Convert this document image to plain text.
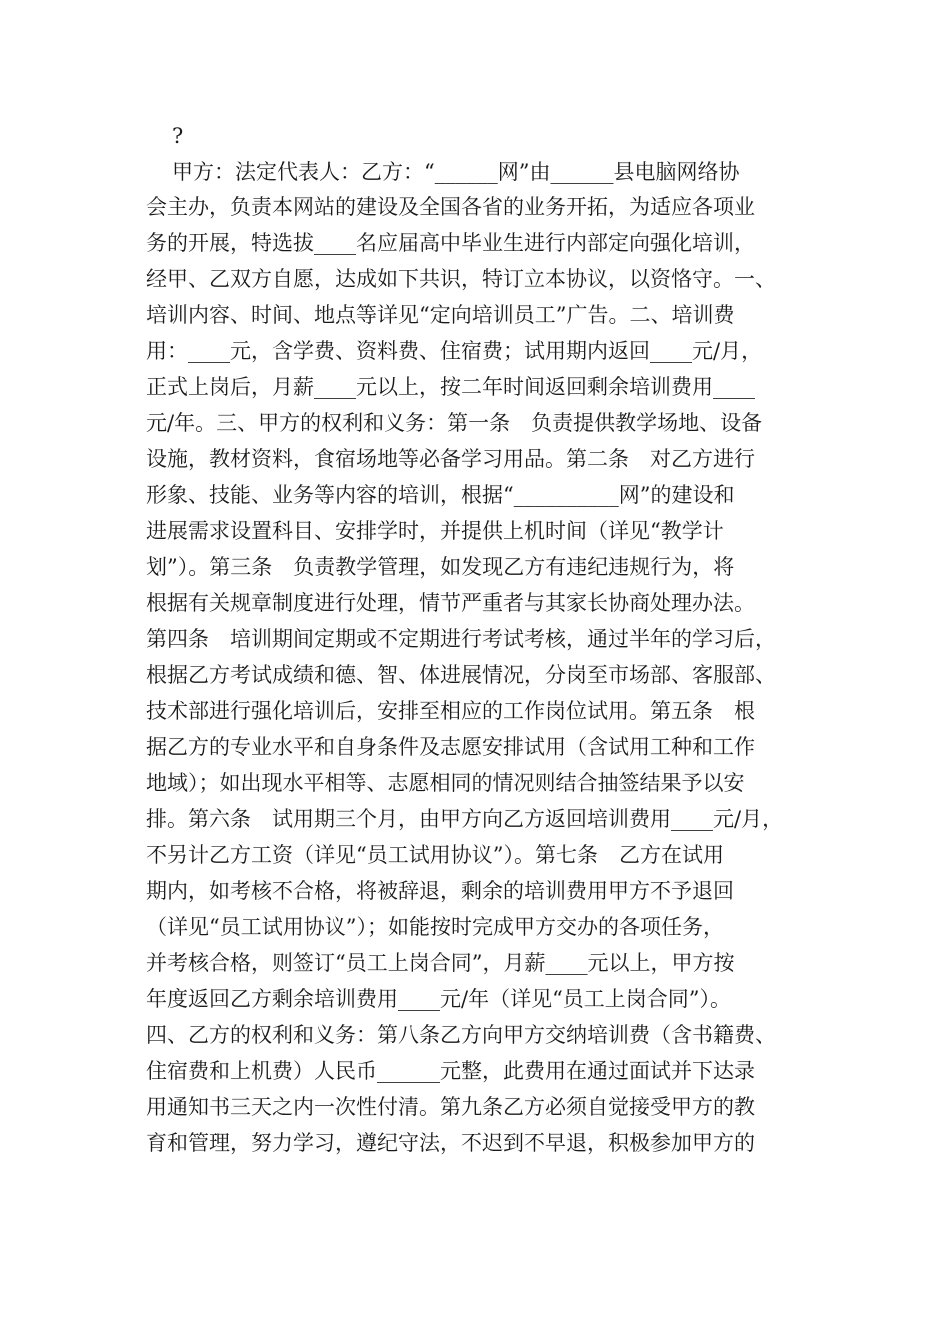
?
甲方：法定代表人：乙方：“______网”由______县电脑网络协
会主办，负责本网站的建设及全国各省的业务开拓，为适应各项业
务的开展，特选拔____名应届高中毕业生进行内部定向强化培训，
经甲、乙双方自愿，达成如下共识，特订立本协议，以资恪守。一、
培训内容、时间、地点等详见“定向培训员工”广告。二、培训费
用：____元，含学费、资料费、住宿费；试用期内返回____元/月，
正式上岗后，月薪____元以上，按二年时间返回剩余培训费用____
元/年。三、甲方的权利和义务：第一条　负责提供教学场地、设备
设施，教材资料，食宿场地等必备学习用品。第二条　对乙方进行
形象、技能、业务等内容的培训，根据“__________网”的建设和
进展需求设置科目、安排学时，并提供上机时间（详见“教学计
划”）。第三条　负责教学管理，如发现乙方有违纪违规行为，将
根据有关规章制度进行处理，情节严重者与其家长协商处理办法。
第四条　培训期间定期或不定期进行考试考核，通过半年的学习后，
根据乙方考试成绩和德、智、体进展情况，分岗至市场部、客服部、
技术部进行强化培训后，安排至相应的工作岗位试用。第五条　根
据乙方的专业水平和自身条件及志愿安排试用（含试用工种和工作
地域）；如出现水平相等、志愿相同的情况则结合抽签结果予以安
排。第六条　试用期三个月，由甲方向乙方返回培训费用____元/月，
不另计乙方工资（详见“员工试用协议”）。第七条　乙方在试用
期内，如考核不合格，将被辞退，剩余的培训费用甲方不予退回
（详见“员工试用协议”）；如能按时完成甲方交办的各项任务，
并考核合格，则签订“员工上岗合同”，月薪____元以上，甲方按
年度返回乙方剩余培训费用____元/年（详见“员工上岗合同”）。
四、乙方的权利和义务：第八条乙方向甲方交纳培训费（含书籍费、
住宿费和上机费）人民币______元整，此费用在通过面试并下达录
用通知书三天之内一次性付清。第九条乙方必须自觉接受甲方的教
育和管理，努力学习，遵纪守法，不迟到不早退，积极参加甲方的
